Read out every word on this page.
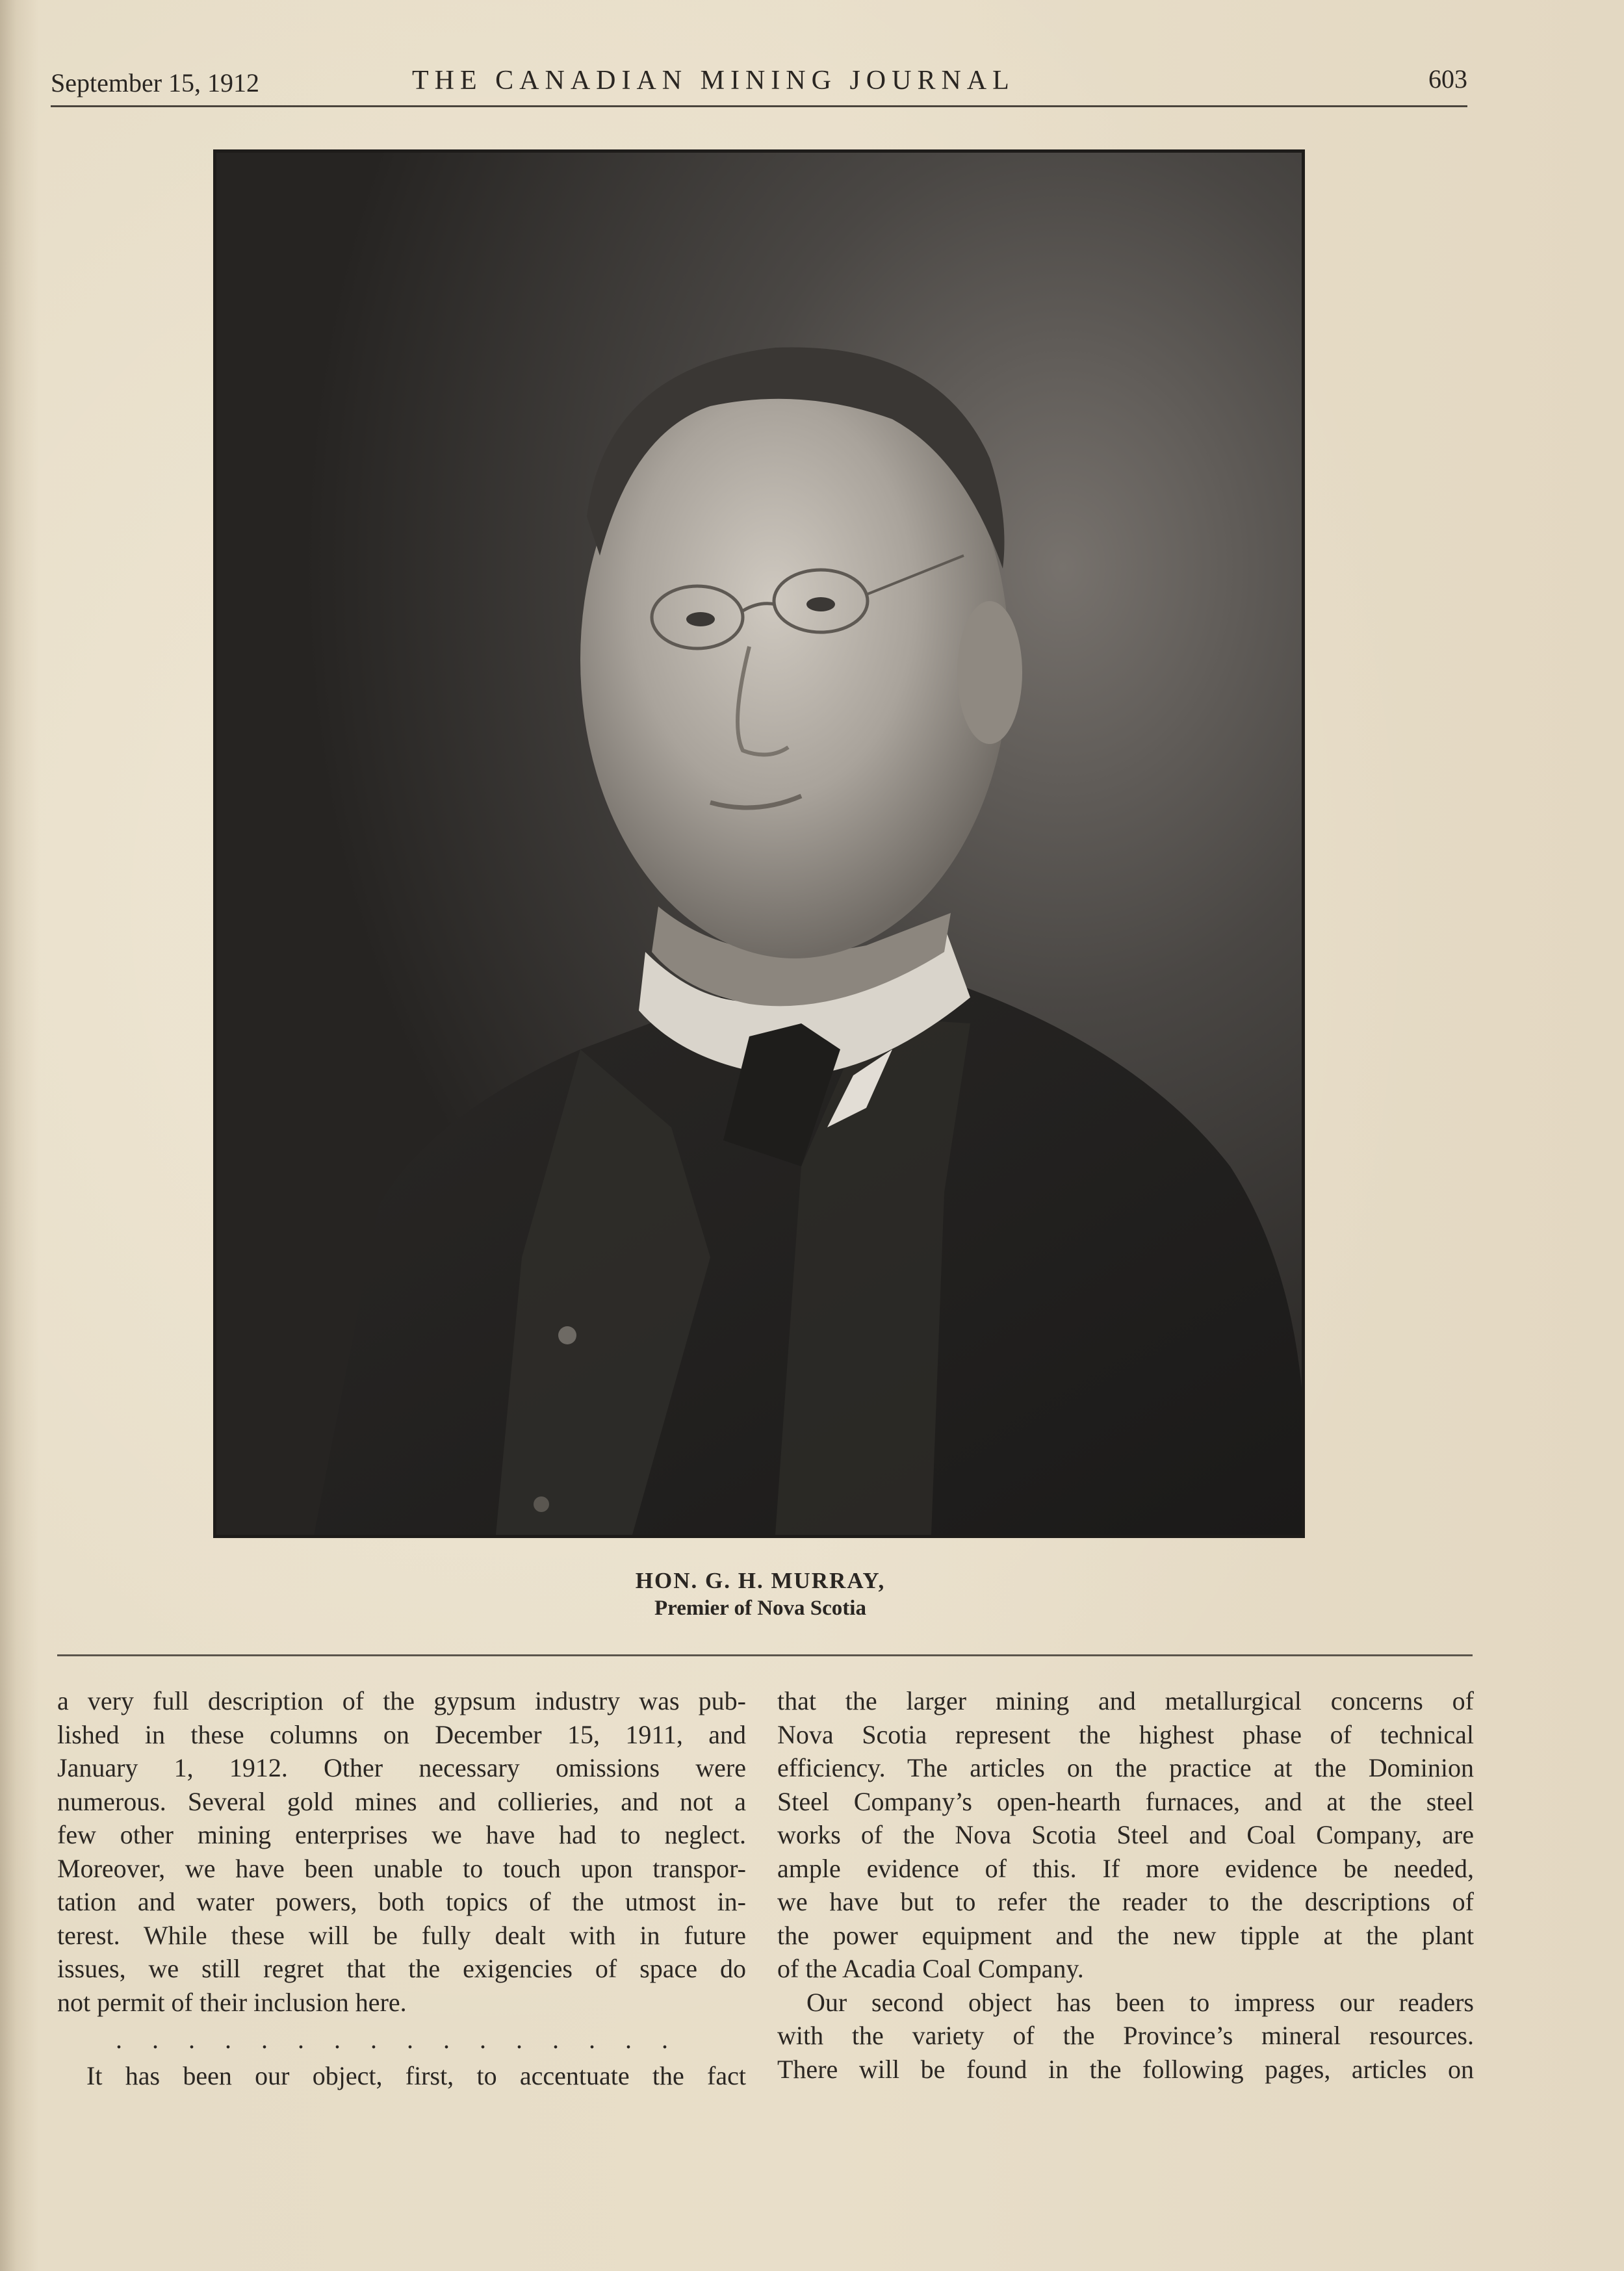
September 15, 1912	THE CANADIAN MINING JOURNAL	603
HON. G. H. MURRAY,
Premier of Nova Scotia
a very full description of the gypsum industry was pub-
lished in these columns on December 15, 1911, and
January 1, 1912. Other necessary omissions were
numerous. Several gold mines and collieries, and not a
few other mining enterprises we have had to neglect.
Moreover, we have been unable to touch upon transpor-
tation and water powers, both topics of the utmost in-
terest. While these will be fully dealt with in future
issues, we still regret that the exigencies of space do
not permit of their inclusion here.
. . . . . . . . . . . . . . . .
It has been our object, first, to accentuate the fact
that the larger mining and metallurgical concerns of
Nova Scotia represent the highest phase of technical
efficiency. The articles on the practice at the Dominion
Steel Company’s open-hearth furnaces, and at the steel
works of the Nova Scotia Steel and Coal Company, are
ample evidence of this. If more evidence be needed,
we have but to refer the reader to the descriptions of
the power equipment and the new tipple at the plant
of the Acadia Coal Company.
Our second object has been to impress our readers
with the variety of the Province’s mineral resources.
There will be found in the following pages, articles on
